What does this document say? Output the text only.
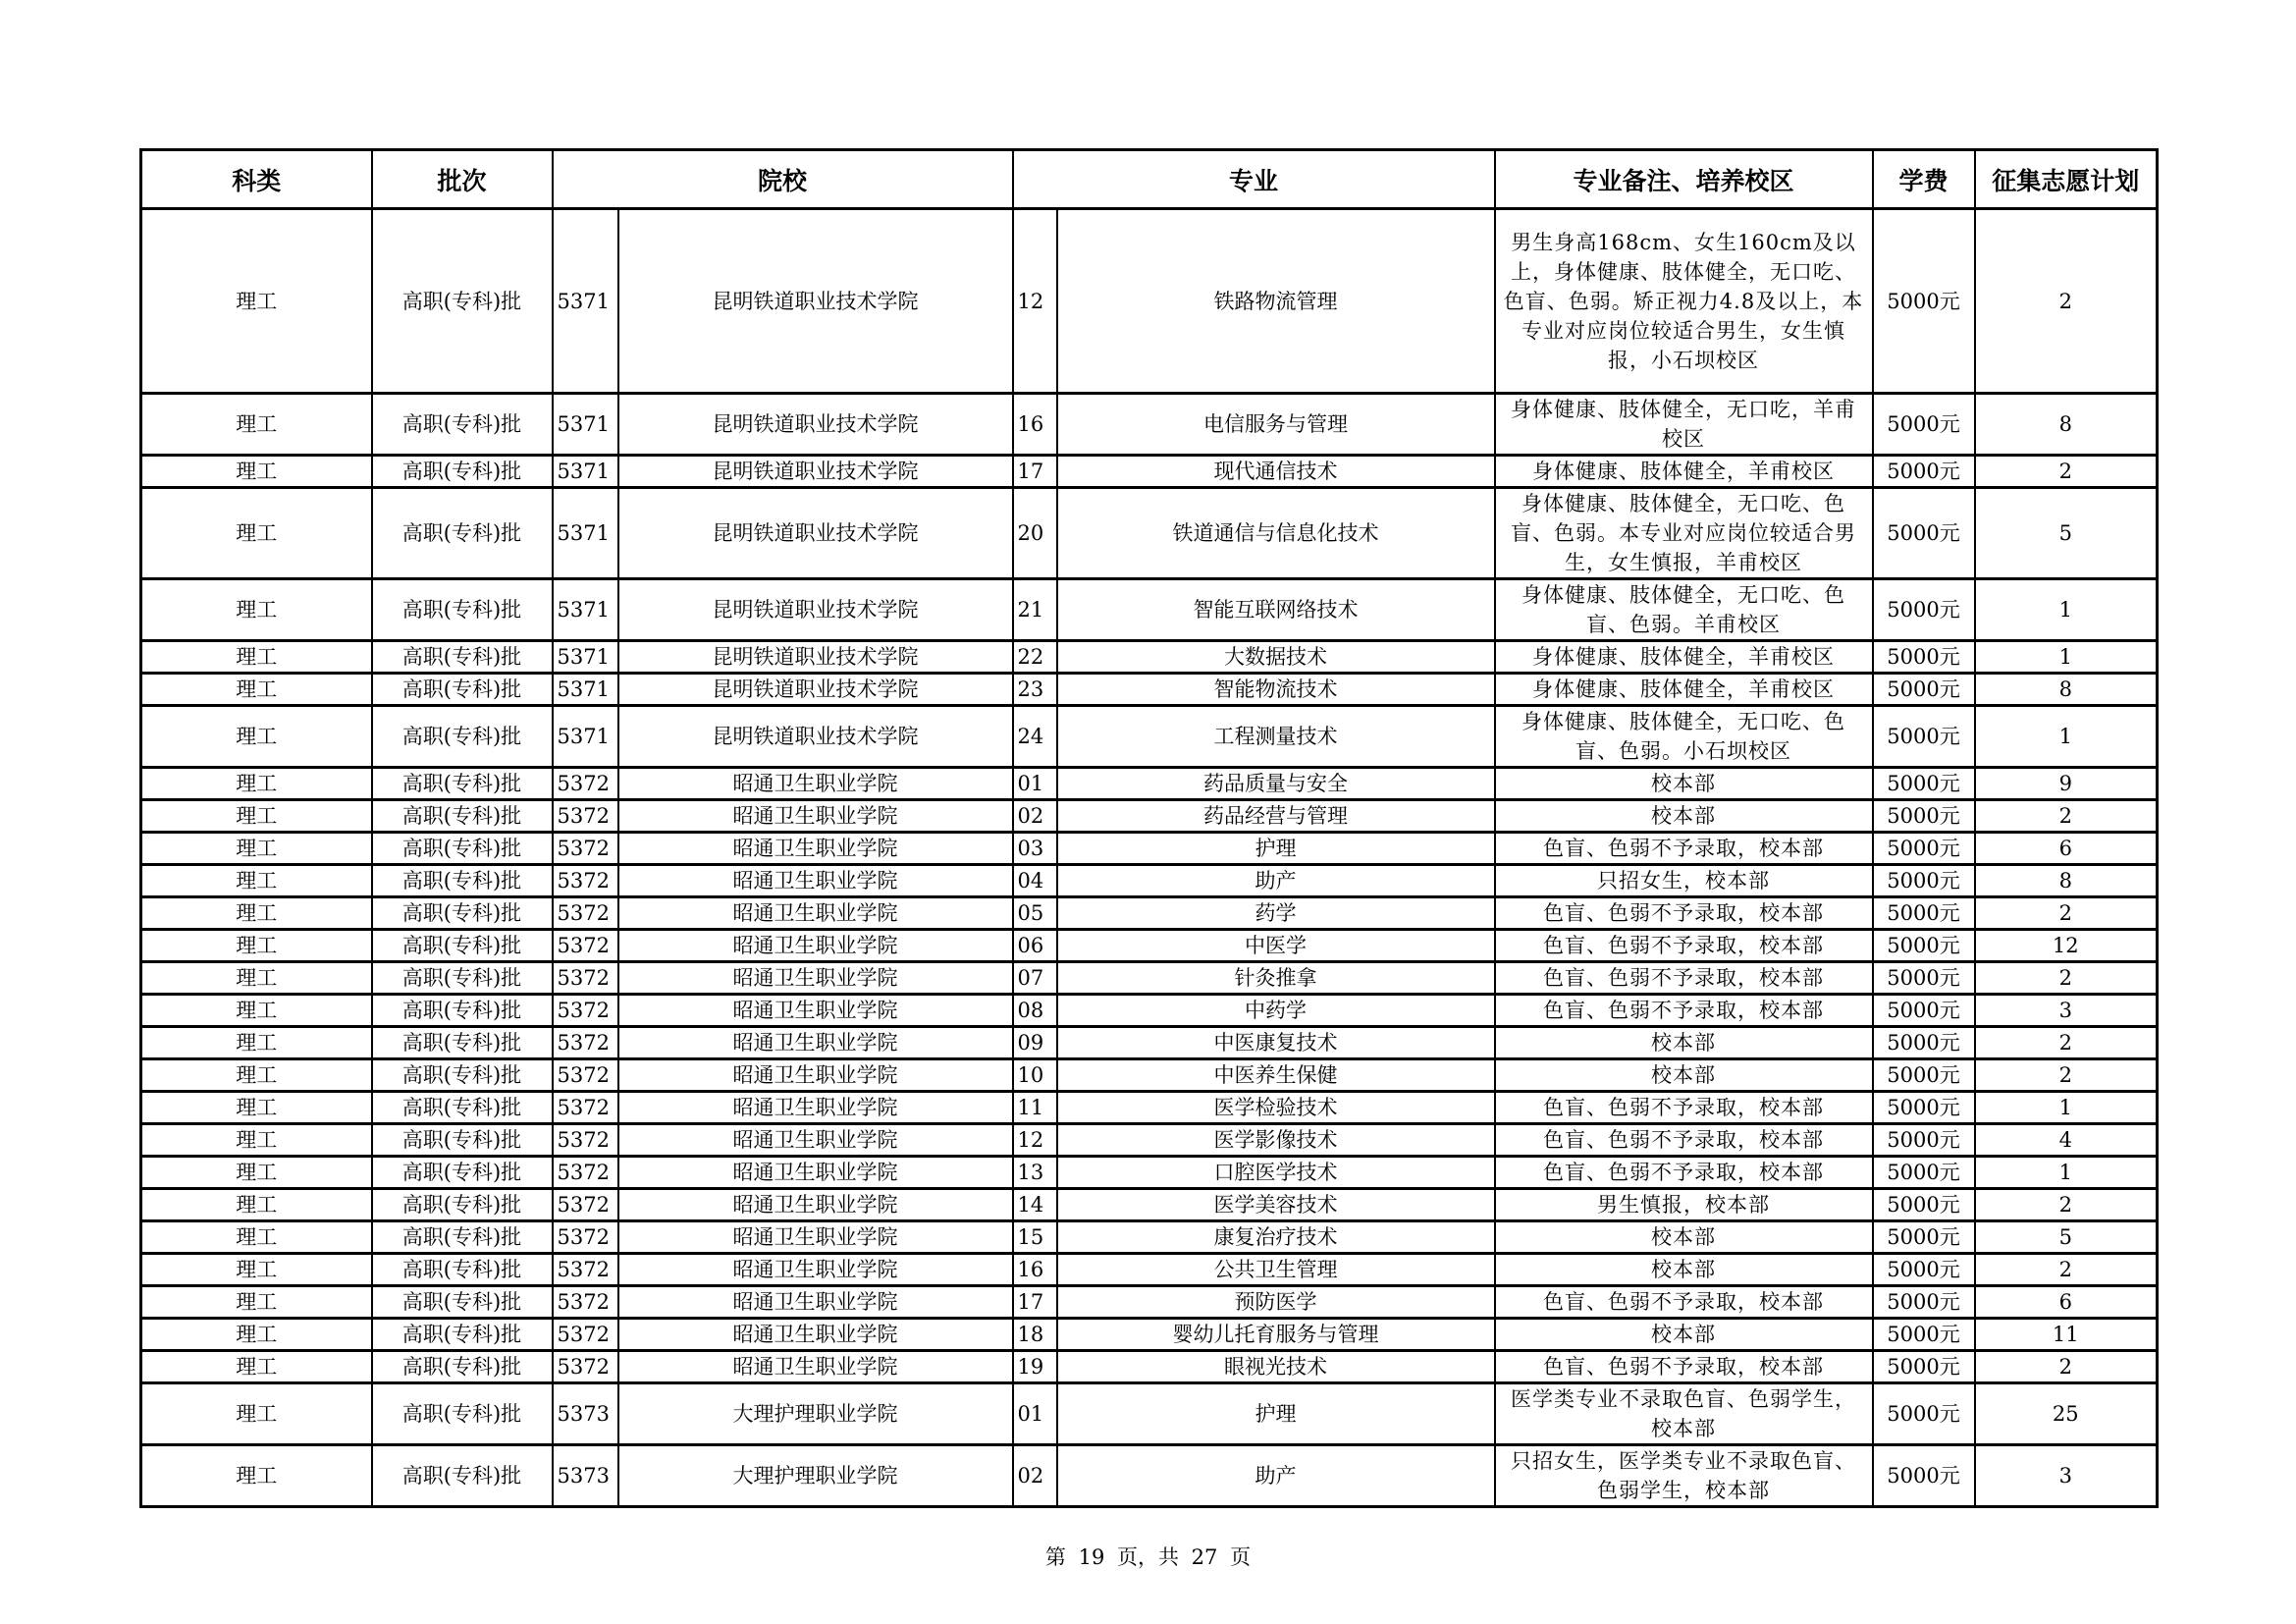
科类	批次	院校		专业		专业备注、培养校区	学费	征集志愿计划
理工	高职(专科)批	5371	昆明铁道职业技术学院	12	铁路物流管理	男生身高168cm、女生160cm及以上，身体健康、肢体健全，无口吃、色盲、色弱。矫正视力4.8及以上，本专业对应岗位较适合男生，女生慎报，小石坝校区	5000元	2
理工	高职(专科)批	5371	昆明铁道职业技术学院	16	电信服务与管理	身体健康、肢体健全，无口吃，羊甫校区	5000元	8
理工	高职(专科)批	5371	昆明铁道职业技术学院	17	现代通信技术	身体健康、肢体健全，羊甫校区	5000元	2
理工	高职(专科)批	5371	昆明铁道职业技术学院	20	铁道通信与信息化技术	身体健康、肢体健全，无口吃、色盲、色弱。本专业对应岗位较适合男生，女生慎报，羊甫校区	5000元	5
理工	高职(专科)批	5371	昆明铁道职业技术学院	21	智能互联网络技术	身体健康、肢体健全，无口吃、色盲、色弱。羊甫校区	5000元	1
理工	高职(专科)批	5371	昆明铁道职业技术学院	22	大数据技术	身体健康、肢体健全，羊甫校区	5000元	1
理工	高职(专科)批	5371	昆明铁道职业技术学院	23	智能物流技术	身体健康、肢体健全，羊甫校区	5000元	8
理工	高职(专科)批	5371	昆明铁道职业技术学院	24	工程测量技术	身体健康、肢体健全，无口吃、色盲、色弱。小石坝校区	5000元	1
理工	高职(专科)批	5372	昭通卫生职业学院	01	药品质量与安全	校本部	5000元	9
理工	高职(专科)批	5372	昭通卫生职业学院	02	药品经营与管理	校本部	5000元	2
理工	高职(专科)批	5372	昭通卫生职业学院	03	护理	色盲、色弱不予录取，校本部	5000元	6
理工	高职(专科)批	5372	昭通卫生职业学院	04	助产	只招女生，校本部	5000元	8
理工	高职(专科)批	5372	昭通卫生职业学院	05	药学	色盲、色弱不予录取，校本部	5000元	2
理工	高职(专科)批	5372	昭通卫生职业学院	06	中医学	色盲、色弱不予录取，校本部	5000元	12
理工	高职(专科)批	5372	昭通卫生职业学院	07	针灸推拿	色盲、色弱不予录取，校本部	5000元	2
理工	高职(专科)批	5372	昭通卫生职业学院	08	中药学	色盲、色弱不予录取，校本部	5000元	3
理工	高职(专科)批	5372	昭通卫生职业学院	09	中医康复技术	校本部	5000元	2
理工	高职(专科)批	5372	昭通卫生职业学院	10	中医养生保健	校本部	5000元	2
理工	高职(专科)批	5372	昭通卫生职业学院	11	医学检验技术	色盲、色弱不予录取，校本部	5000元	1
理工	高职(专科)批	5372	昭通卫生职业学院	12	医学影像技术	色盲、色弱不予录取，校本部	5000元	4
理工	高职(专科)批	5372	昭通卫生职业学院	13	口腔医学技术	色盲、色弱不予录取，校本部	5000元	1
理工	高职(专科)批	5372	昭通卫生职业学院	14	医学美容技术	男生慎报，校本部	5000元	2
理工	高职(专科)批	5372	昭通卫生职业学院	15	康复治疗技术	校本部	5000元	5
理工	高职(专科)批	5372	昭通卫生职业学院	16	公共卫生管理	校本部	5000元	2
理工	高职(专科)批	5372	昭通卫生职业学院	17	预防医学	色盲、色弱不予录取，校本部	5000元	6
理工	高职(专科)批	5372	昭通卫生职业学院	18	婴幼儿托育服务与管理	校本部	5000元	11
理工	高职(专科)批	5372	昭通卫生职业学院	19	眼视光技术	色盲、色弱不予录取，校本部	5000元	2
理工	高职(专科)批	5373	大理护理职业学院	01	护理	医学类专业不录取色盲、色弱学生，校本部	5000元	25
理工	高职(专科)批	5373	大理护理职业学院	02	助产	只招女生，医学类专业不录取色盲、色弱学生，校本部	5000元	3
第 19 页，共 27 页
